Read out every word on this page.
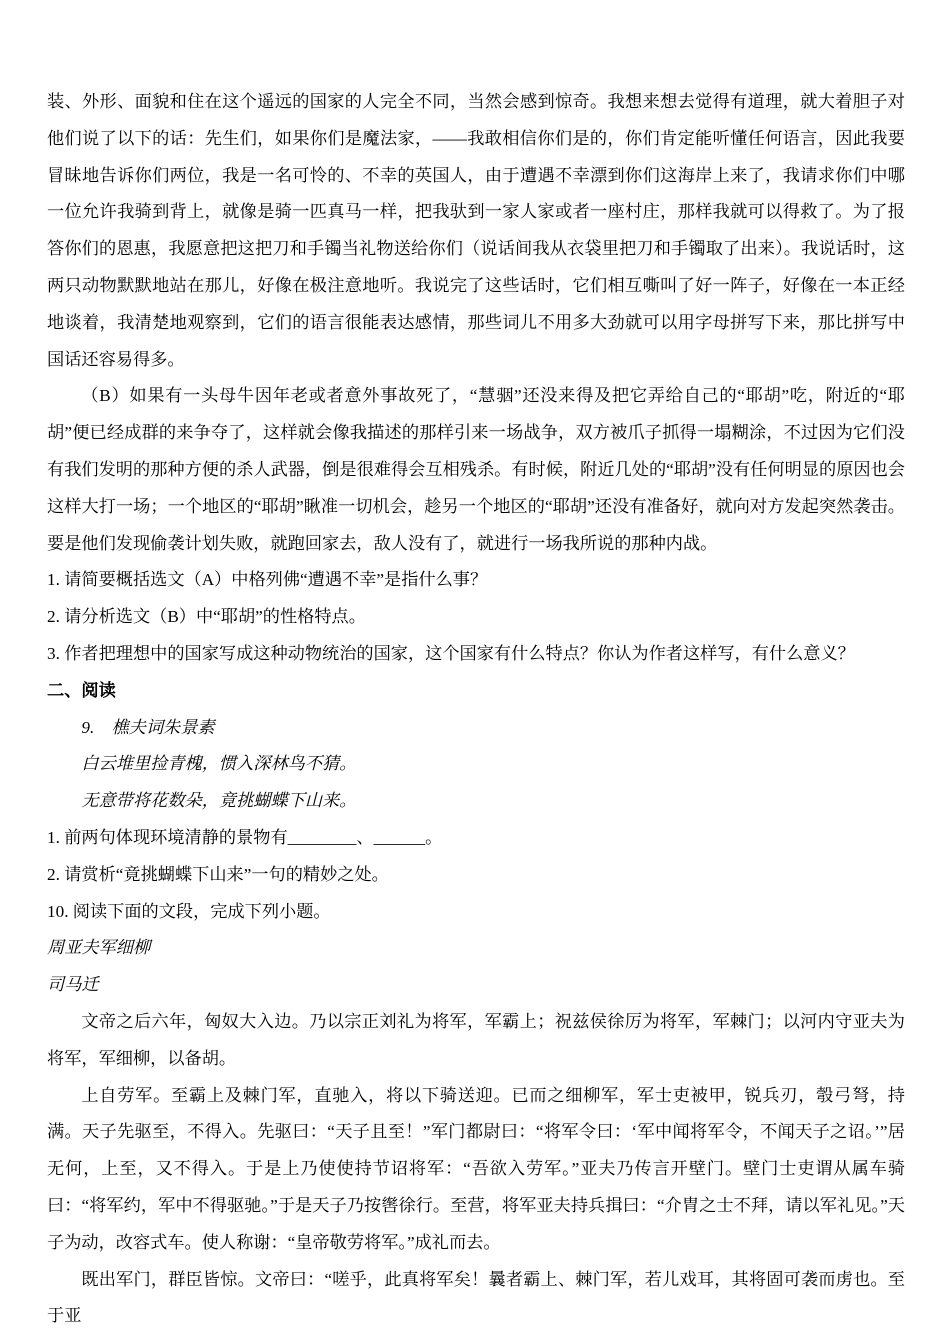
装、外形、面貌和住在这个遥远的国家的人完全不同，当然会感到惊奇。我想来想去觉得有道理，就大着胆子对他们说了以下的话：先生们，如果你们是魔法家，——我敢相信你们是的，你们肯定能听懂任何语言，因此我要冒昧地告诉你们两位，我是一名可怜的、不幸的英国人，由于遭遇不幸漂到你们这海岸上来了，我请求你们中哪一位允许我骑到背上，就像是骑一匹真马一样，把我驮到一家人家或者一座村庄，那样我就可以得救了。为了报答你们的恩惠，我愿意把这把刀和手镯当礼物送给你们（说话间我从衣袋里把刀和手镯取了出来）。我说话时，这两只动物默默地站在那儿，好像在极注意地听。我说完了这些话时，它们相互嘶叫了好一阵子，好像在一本正经地谈着，我清楚地观察到，它们的语言很能表达感情，那些词儿不用多大劲就可以用字母拼写下来，那比拼写中国话还容易得多。

（B）如果有一头母牛因年老或者意外事故死了，“慧骃”还没来得及把它弄给自己的“耶胡”吃，附近的“耶胡”便已经成群的来争夺了，这样就会像我描述的那样引来一场战争，双方被爪子抓得一塌糊涂，不过因为它们没有我们发明的那种方便的杀人武器，倒是很难得会互相残杀。有时候，附近几处的“耶胡”没有任何明显的原因也会这样大打一场；一个地区的“耶胡”瞅准一切机会，趁另一个地区的“耶胡”还没有准备好，就向对方发起突然袭击。要是他们发现偷袭计划失败，就跑回家去，敌人没有了，就进行一场我所说的那种内战。

1. 请简要概括选文（A）中格列佛“遭遇不幸”是指什么事？

2. 请分析选文（B）中“耶胡”的性格特点。

3. 作者把理想中的国家写成这种动物统治的国家，这个国家有什么特点？你认为作者这样写，有什么意义？

二、阅读

9.　樵夫词朱景素

白云堆里捡青槐，惯入深林鸟不猜。

无意带将花数朵，竟挑蝴蝶下山来。

1. 前两句体现环境清静的景物有________、______。

2. 请赏析“竟挑蝴蝶下山来”一句的精妙之处。

10. 阅读下面的文段，完成下列小题。

周亚夫军细柳

司马迁

文帝之后六年，匈奴大入边。乃以宗正刘礼为将军，军霸上；祝兹侯徐厉为将军，军棘门；以河内守亚夫为将军，军细柳，以备胡。

上自劳军。至霸上及棘门军，直驰入，将以下骑送迎。已而之细柳军，军士吏被甲，锐兵刃，彀弓弩，持满。天子先驱至，不得入。先驱曰：“天子且至！”军门都尉曰：“将军令曰：‘军中闻将军令，不闻天子之诏。’”居无何，上至，又不得入。于是上乃使使持节诏将军：“吾欲入劳军。”亚夫乃传言开壁门。壁门士吏谓从属车骑曰：“将军约，军中不得驱驰。”于是天子乃按辔徐行。至营，将军亚夫持兵揖曰：“介胄之士不拜，请以军礼见。”天子为动，改容式车。使人称谢：“皇帝敬劳将军。”成礼而去。

既出军门，群臣皆惊。文帝曰：“嗟乎，此真将军矣！曩者霸上、棘门军，若儿戏耳，其将固可袭而虏也。至于亚
